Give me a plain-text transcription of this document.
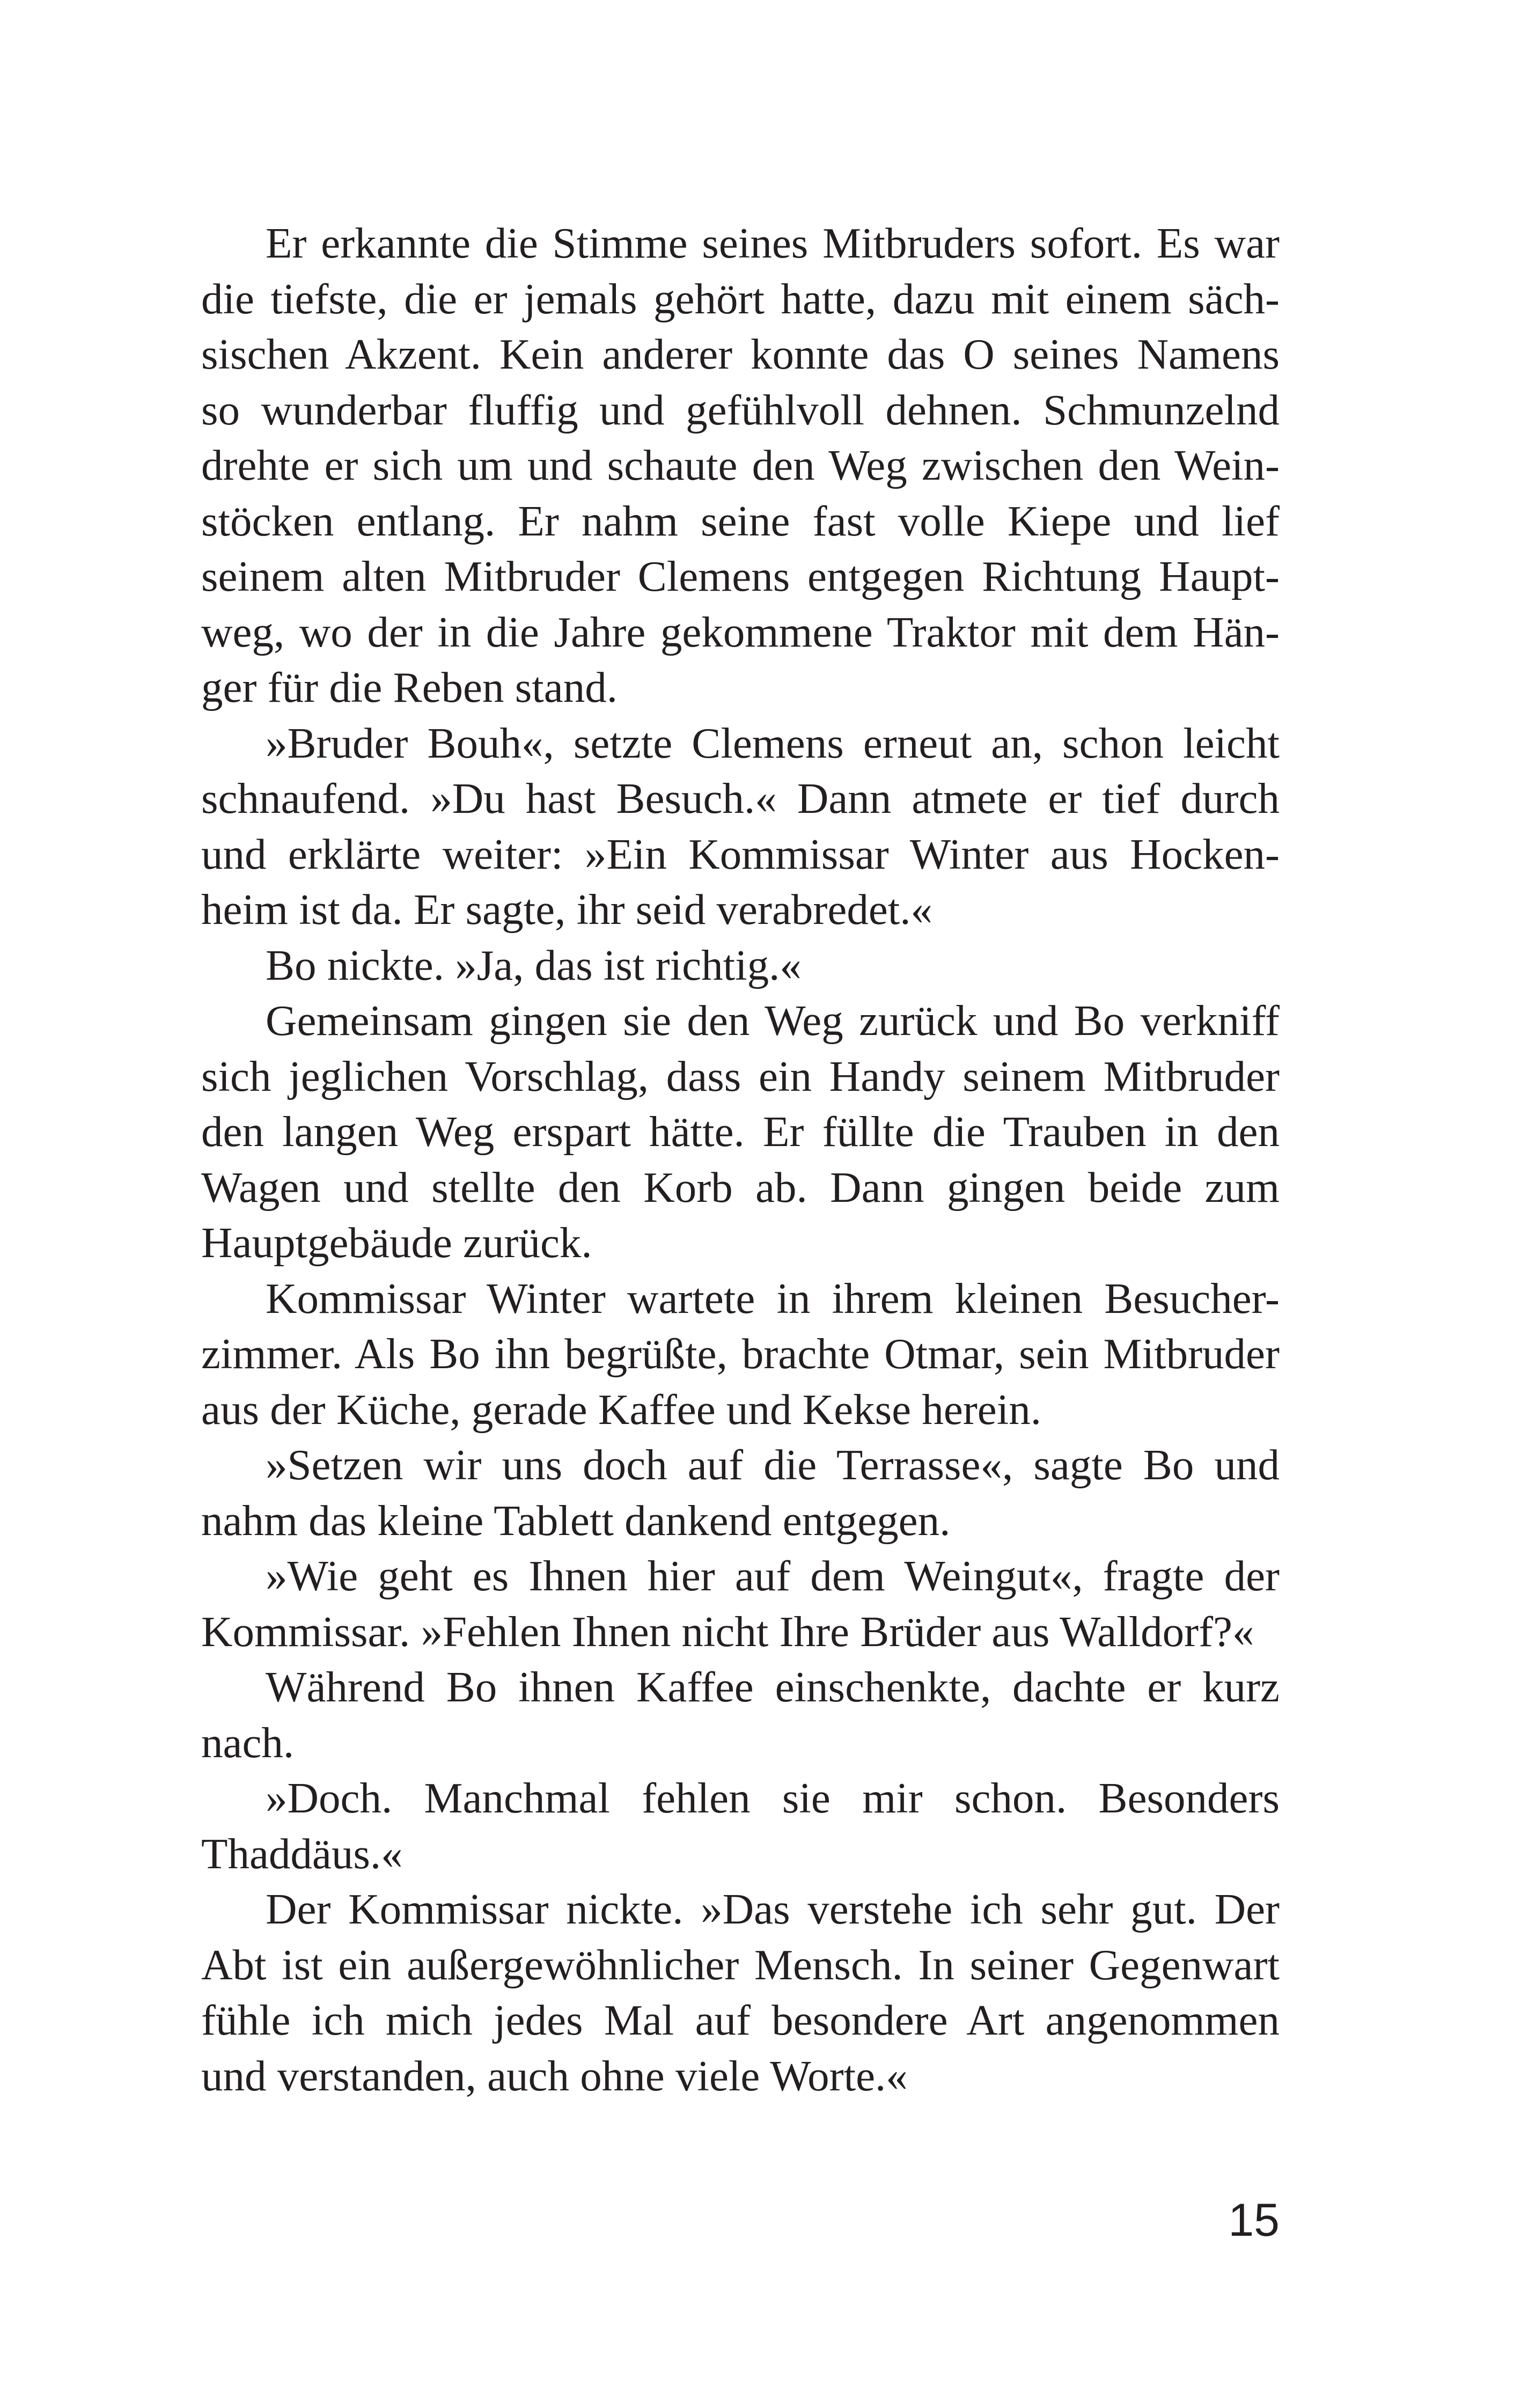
Er erkannte die Stimme seines Mitbruders sofort. Es war
die tiefste, die er jemals gehört hatte, dazu mit einem säch-
sischen Akzent. Kein anderer konnte das O seines Namens
so wunderbar fluffig und gefühlvoll dehnen. Schmunzelnd
drehte er sich um und schaute den Weg zwischen den Wein-
stöcken entlang. Er nahm seine fast volle Kiepe und lief
seinem alten Mitbruder Clemens entgegen Richtung Haupt-
weg, wo der in die Jahre gekommene Traktor mit dem Hän-
ger für die Reben stand.
»Bruder Bouh«, setzte Clemens erneut an, schon leicht
schnaufend. »Du hast Besuch.« Dann atmete er tief durch
und erklärte weiter: »Ein Kommissar Winter aus Hocken-
heim ist da. Er sagte, ihr seid verabredet.«
Bo nickte. »Ja, das ist richtig.«
Gemeinsam gingen sie den Weg zurück und Bo verkniff
sich jeglichen Vorschlag, dass ein Handy seinem Mitbruder
den langen Weg erspart hätte. Er füllte die Trauben in den
Wagen und stellte den Korb ab. Dann gingen beide zum
Hauptgebäude zurück.
Kommissar Winter wartete in ihrem kleinen Besucher-
zimmer. Als Bo ihn begrüßte, brachte Otmar, sein Mitbruder
aus der Küche, gerade Kaffee und Kekse herein.
»Setzen wir uns doch auf die Terrasse«, sagte Bo und
nahm das kleine Tablett dankend entgegen.
»Wie geht es Ihnen hier auf dem Weingut«, fragte der
Kommissar. »Fehlen Ihnen nicht Ihre Brüder aus Walldorf?«
Während Bo ihnen Kaffee einschenkte, dachte er kurz
nach.
»Doch. Manchmal fehlen sie mir schon. Besonders
Thaddäus.«
Der Kommissar nickte. »Das verstehe ich sehr gut. Der
Abt ist ein außergewöhnlicher Mensch. In seiner Gegenwart
fühle ich mich jedes Mal auf besondere Art angenommen
und verstanden, auch ohne viele Worte.«
15
